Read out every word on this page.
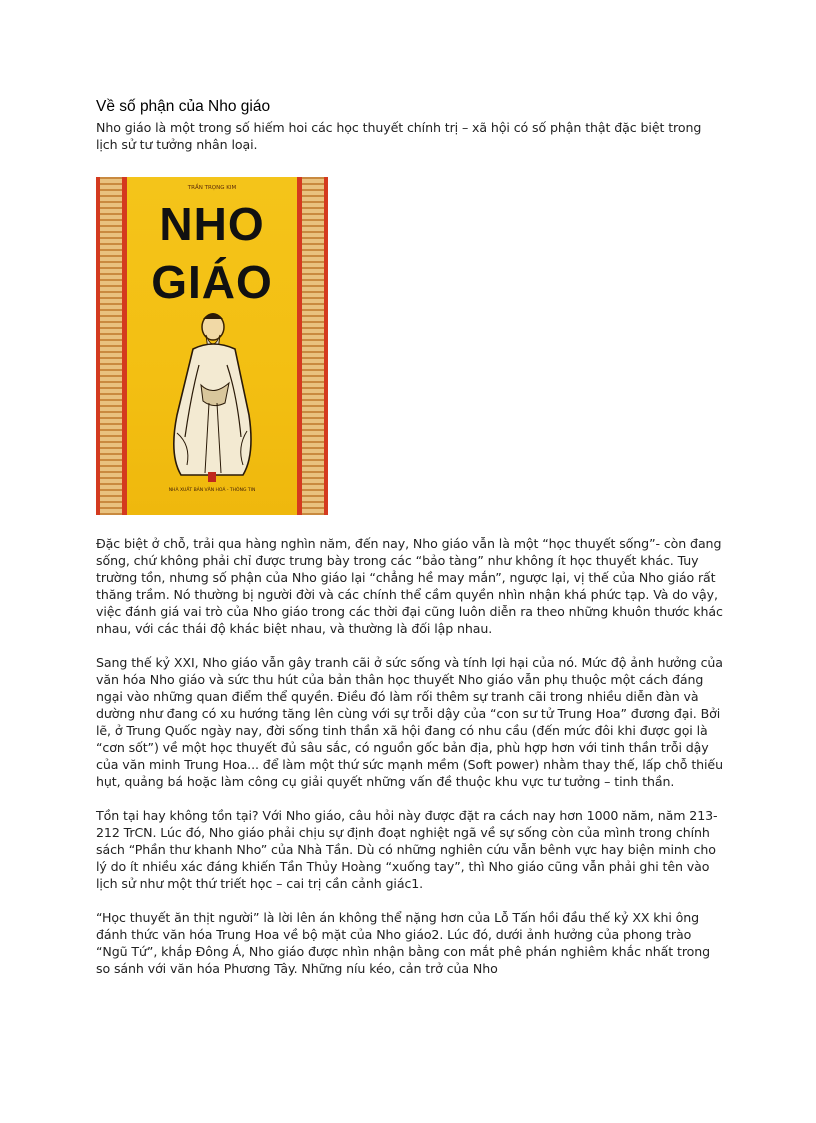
Về số phận của Nho giáo

Nho giáo là một trong số hiếm hoi các học thuyết chính trị – xã hội có số phận thật đặc biệt trong lịch sử tư tưởng nhân loại.

TRẦN TRỌNG KIM
NHO
GIÁO
NHÀ XUẤT BẢN VĂN HOÁ - THÔNG TIN

Đặc biệt ở chỗ, trải qua hàng nghìn năm, đến nay, Nho giáo vẫn là một “học thuyết sống”- còn đang sống, chứ không phải chỉ được trưng bày trong các “bảo tàng” như không ít học thuyết khác. Tuy trường tồn, nhưng số phận của Nho giáo lại “chẳng hề may mắn”, ngược lại, vị thế của Nho giáo rất thăng trầm. Nó thường bị người đời và các chính thể cầm quyền nhìn nhận khá phức tạp. Và do vậy, việc đánh giá vai trò của Nho giáo trong các thời đại cũng luôn diễn ra theo những khuôn thước khác nhau, với các thái độ khác biệt nhau, và thường là đối lập nhau.

Sang thế kỷ XXI, Nho giáo vẫn gây tranh cãi ở sức sống và tính lợi hại của nó. Mức độ ảnh hưởng của văn hóa Nho giáo và sức thu hút của bản thân học thuyết Nho giáo vẫn phụ thuộc một cách đáng ngại vào những quan điểm thể quyền. Điều đó làm rối thêm sự tranh cãi trong nhiều diễn đàn và dường như đang có xu hướng tăng lên cùng với sự trỗi dậy của “con sư tử Trung Hoa” đương đại. Bởi lẽ, ở Trung Quốc ngày nay, đời sống tinh thần xã hội đang có nhu cầu (đến mức đôi khi được gọi là “cơn sốt”) về một học thuyết đủ sâu sắc, có nguồn gốc bản địa, phù hợp hơn với tinh thần trỗi dậy của văn minh Trung Hoa... để làm một thứ sức mạnh mềm (Soft power) nhằm thay thế, lấp chỗ thiếu hụt, quảng bá hoặc làm công cụ giải quyết những vấn đề thuộc khu vực tư tưởng – tinh thần.

Tồn tại hay không tồn tại? Với Nho giáo, câu hỏi này được đặt ra cách nay hơn 1000 năm, năm 213-212 TrCN. Lúc đó, Nho giáo phải chịu sự định đoạt nghiệt ngã về sự sống còn của mình trong chính sách “Phần thư khanh Nho” của Nhà Tần. Dù có những nghiên cứu vẫn bênh vực hay biện minh cho lý do ít nhiều xác đáng khiến Tần Thủy Hoàng “xuống tay”, thì Nho giáo cũng vẫn phải ghi tên vào lịch sử như một thứ triết học – cai trị cần cảnh giác1.

“Học thuyết ăn thịt người” là lời lên án không thể nặng hơn của Lỗ Tấn hồi đầu thế kỷ XX khi ông đánh thức văn hóa Trung Hoa về bộ mặt của Nho giáo2. Lúc đó, dưới ảnh hưởng của phong trào “Ngũ Tứ”, khắp Đông Á, Nho giáo được nhìn nhận bằng con mắt phê phán nghiêm khắc nhất trong so sánh với văn hóa Phương Tây. Những níu kéo, cản trở của Nho
